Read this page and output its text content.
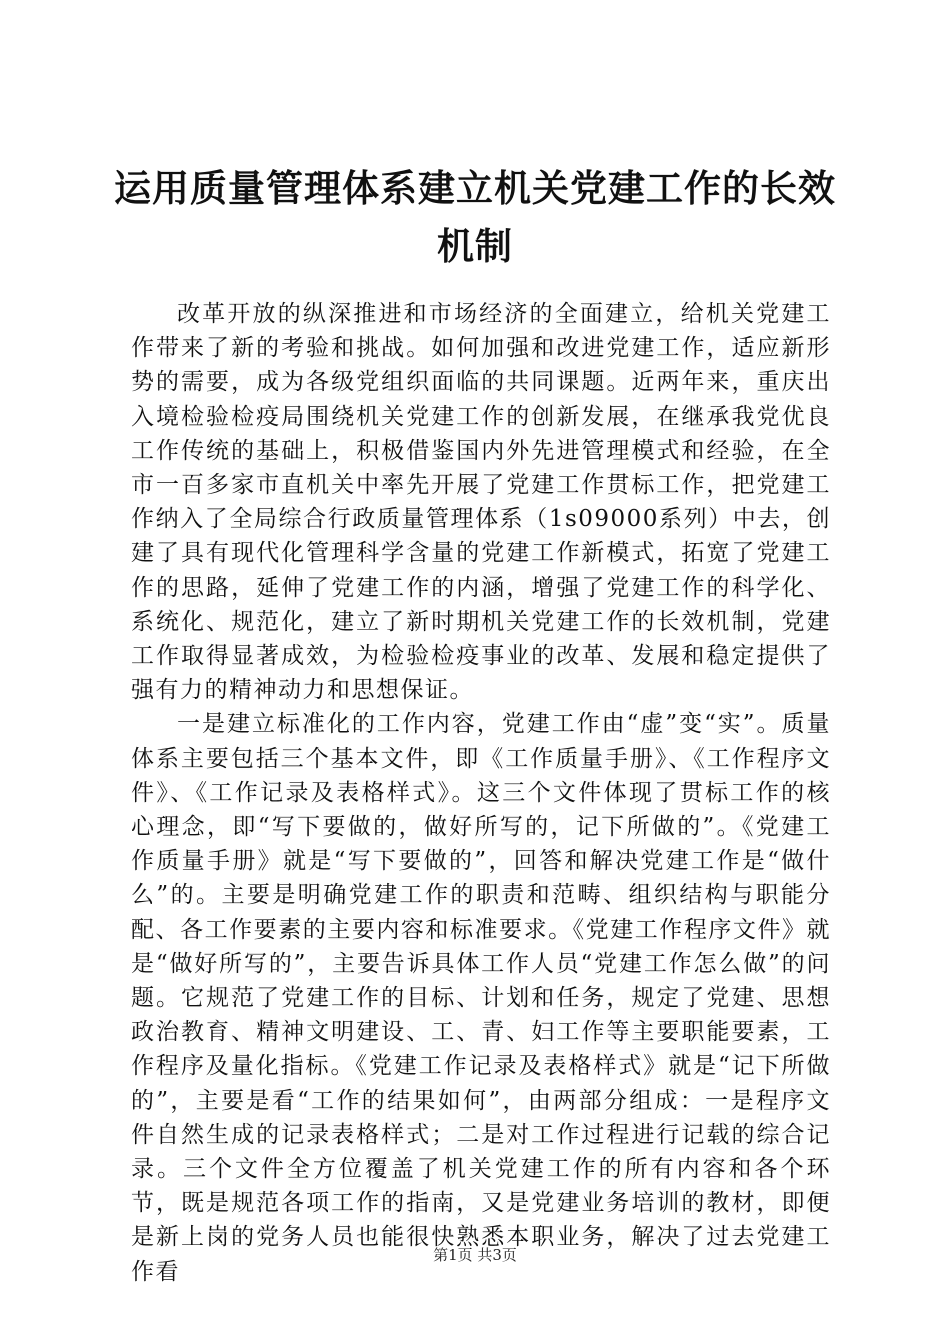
运用质量管理体系建立机关党建工作的长效机制

改革开放的纵深推进和市场经济的全面建立，给机关党建工作带来了新的考验和挑战。如何加强和改进党建工作，适应新形势的需要，成为各级党组织面临的共同课题。近两年来，重庆出入境检验检疫局围绕机关党建工作的创新发展，在继承我党优良工作传统的基础上，积极借鉴国内外先进管理模式和经验，在全市一百多家市直机关中率先开展了党建工作贯标工作，把党建工作纳入了全局综合行政质量管理体系（1s09000系列）中去，创建了具有现代化管理科学含量的党建工作新模式，拓宽了党建工作的思路，延伸了党建工作的内涵，增强了党建工作的科学化、系统化、规范化，建立了新时期机关党建工作的长效机制，党建工作取得显著成效，为检验检疫事业的改革、发展和稳定提供了强有力的精神动力和思想保证。

一是建立标准化的工作内容，党建工作由“虚”变“实”。质量体系主要包括三个基本文件，即《工作质量手册》、《工作程序文件》、《工作记录及表格样式》。这三个文件体现了贯标工作的核心理念，即“写下要做的，做好所写的，记下所做的”。《党建工作质量手册》就是“写下要做的”，回答和解决党建工作是“做什么”的。主要是明确党建工作的职责和范畴、组织结构与职能分配、各工作要素的主要内容和标准要求。《党建工作程序文件》就是“做好所写的”，主要告诉具体工作人员“党建工作怎么做”的问题。它规范了党建工作的目标、计划和任务，规定了党建、思想政治教育、精神文明建设、工、青、妇工作等主要职能要素，工作程序及量化指标。《党建工作记录及表格样式》就是“记下所做的”，主要是看“工作的结果如何”，由两部分组成：一是程序文件自然生成的记录表格样式；二是对工作过程进行记载的综合记录。三个文件全方位覆盖了机关党建工作的所有内容和各个环节，既是规范各项工作的指南，又是党建业务培训的教材，即便是新上岗的党务人员也能很快熟悉本职业务，解决了过去党建工作看

第1页 共3页
